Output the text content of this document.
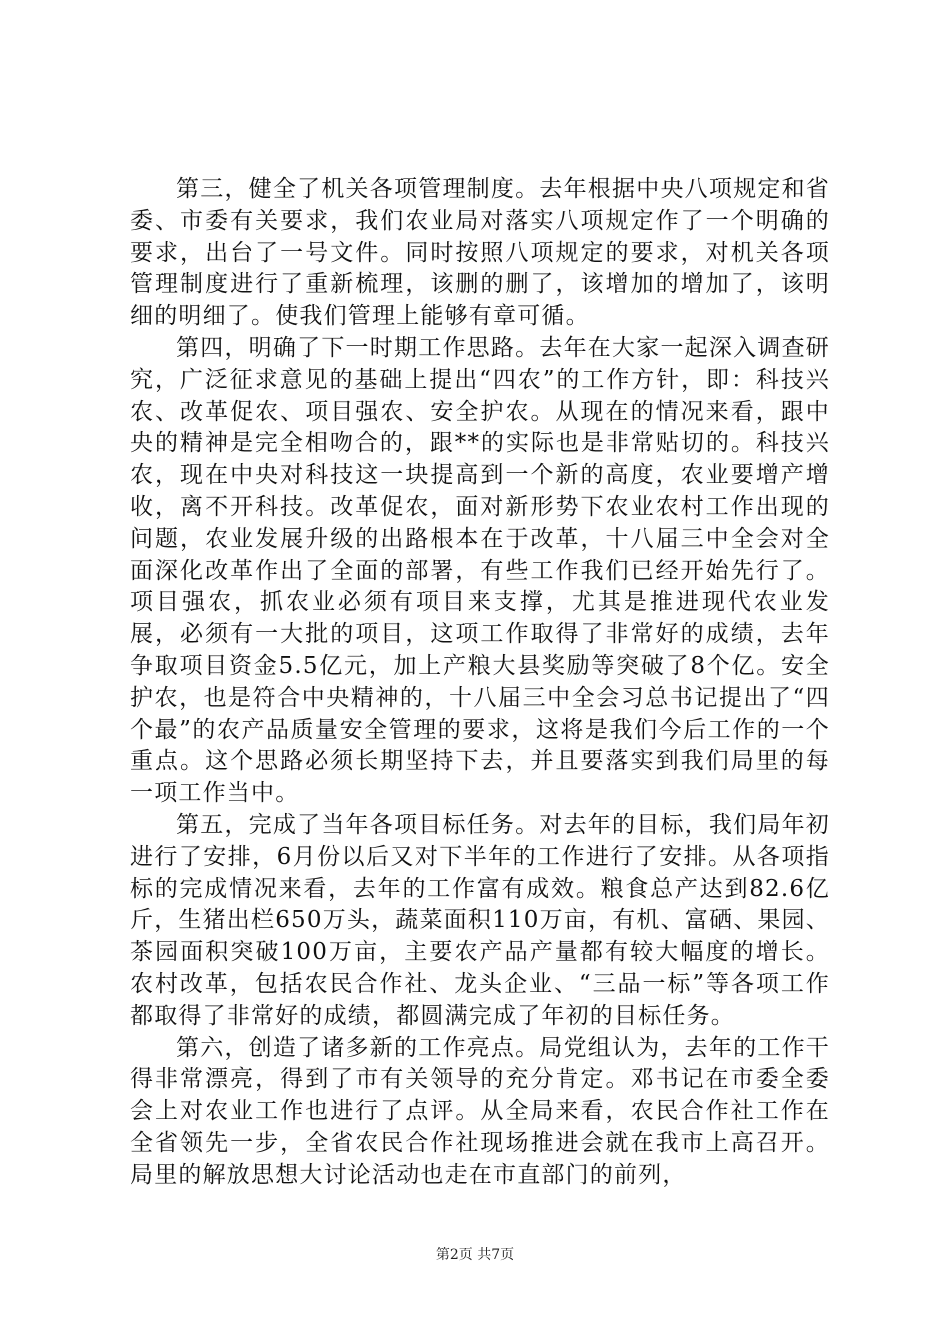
第三，健全了机关各项管理制度。去年根据中央八项规定和省委、市委有关要求，我们农业局对落实八项规定作了一个明确的要求，出台了一号文件。同时按照八项规定的要求，对机关各项管理制度进行了重新梳理，该删的删了，该增加的增加了，该明细的明细了。使我们管理上能够有章可循。

第四，明确了下一时期工作思路。去年在大家一起深入调查研究，广泛征求意见的基础上提出“四农”的工作方针，即：科技兴农、改革促农、项目强农、安全护农。从现在的情况来看，跟中央的精神是完全相吻合的，跟**的实际也是非常贴切的。科技兴农，现在中央对科技这一块提高到一个新的高度，农业要增产增收，离不开科技。改革促农，面对新形势下农业农村工作出现的问题，农业发展升级的出路根本在于改革，十八届三中全会对全面深化改革作出了全面的部署，有些工作我们已经开始先行了。项目强农，抓农业必须有项目来支撑，尤其是推进现代农业发展，必须有一大批的项目，这项工作取得了非常好的成绩，去年争取项目资金5.5亿元，加上产粮大县奖励等突破了8个亿。安全护农，也是符合中央精神的，十八届三中全会习总书记提出了“四个最”的农产品质量安全管理的要求，这将是我们今后工作的一个重点。这个思路必须长期坚持下去，并且要落实到我们局里的每一项工作当中。

第五，完成了当年各项目标任务。对去年的目标，我们局年初进行了安排，6月份以后又对下半年的工作进行了安排。从各项指标的完成情况来看，去年的工作富有成效。粮食总产达到82.6亿斤，生猪出栏650万头，蔬菜面积110万亩，有机、富硒、果园、茶园面积突破100万亩，主要农产品产量都有较大幅度的增长。农村改革，包括农民合作社、龙头企业、“三品一标”等各项工作都取得了非常好的成绩，都圆满完成了年初的目标任务。

第六，创造了诸多新的工作亮点。局党组认为，去年的工作干得非常漂亮，得到了市有关领导的充分肯定。邓书记在市委全委会上对农业工作也进行了点评。从全局来看，农民合作社工作在全省领先一步，全省农民合作社现场推进会就在我市上高召开。局里的解放思想大讨论活动也走在市直部门的前列，

第2页 共7页
